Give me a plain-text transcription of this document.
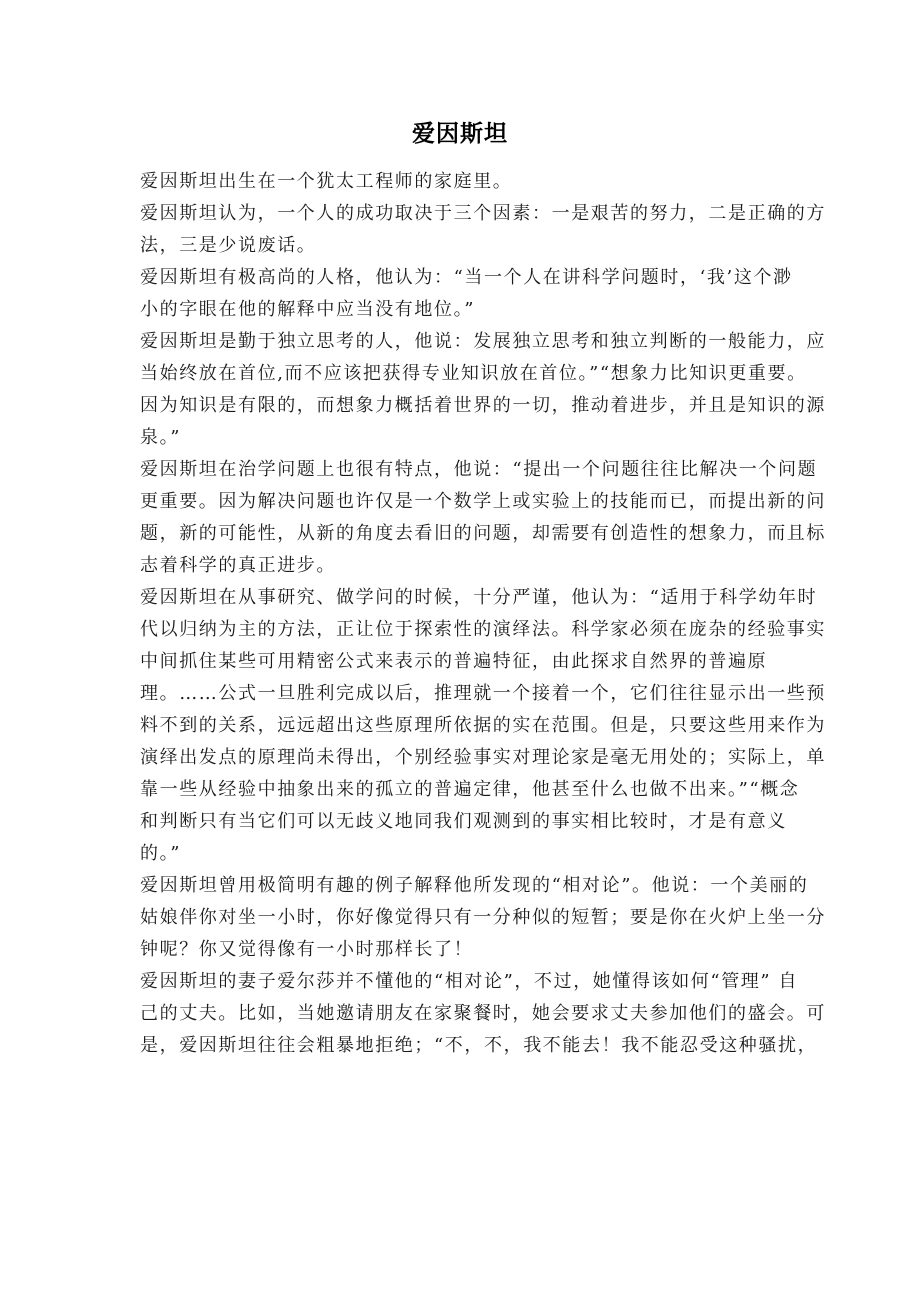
爱因斯坦
爱因斯坦出生在一个犹太工程师的家庭里。
爱因斯坦认为，一个人的成功取决于三个因素：一是艰苦的努力，二是正确的方
法，三是少说废话。
爱因斯坦有极高尚的人格，他认为：“当一个人在讲科学问题时，‘我’这个渺
小的字眼在他的解释中应当没有地位。”
爱因斯坦是勤于独立思考的人，他说：发展独立思考和独立判断的一般能力，应
当始终放在首位,而不应该把获得专业知识放在首位。”“想象力比知识更重要。
因为知识是有限的，而想象力概括着世界的一切，推动着进步，并且是知识的源
泉。”
爱因斯坦在治学问题上也很有特点，他说：“提出一个问题往往比解决一个问题
更重要。因为解决问题也许仅是一个数学上或实验上的技能而已，而提出新的问
题，新的可能性，从新的角度去看旧的问题，却需要有创造性的想象力，而且标
志着科学的真正进步。
爱因斯坦在从事研究、做学问的时候，十分严谨，他认为：“适用于科学幼年时
代以归纳为主的方法，正让位于探索性的演绎法。科学家必须在庞杂的经验事实
中间抓住某些可用精密公式来表示的普遍特征，由此探求自然界的普遍原
理。……公式一旦胜利完成以后，推理就一个接着一个，它们往往显示出一些预
料不到的关系，远远超出这些原理所依据的实在范围。但是，只要这些用来作为
演绎出发点的原理尚未得出，个别经验事实对理论家是毫无用处的；实际上，单
靠一些从经验中抽象出来的孤立的普遍定律，他甚至什么也做不出来。”“概念
和判断只有当它们可以无歧义地同我们观测到的事实相比较时，才是有意义
的。”
爱因斯坦曾用极简明有趣的例子解释他所发现的“相对论”。他说：一个美丽的
姑娘伴你对坐一小时，你好像觉得只有一分种似的短暂；要是你在火炉上坐一分
钟呢？你又觉得像有一小时那样长了！
爱因斯坦的妻子爱尔莎并不懂他的“相对论”，不过，她懂得该如何“管理” 自
己的丈夫。比如，当她邀请朋友在家聚餐时，她会要求丈夫参加他们的盛会。可
是，爱因斯坦往往会粗暴地拒绝；“不，不，我不能去！我不能忍受这种骚扰，
